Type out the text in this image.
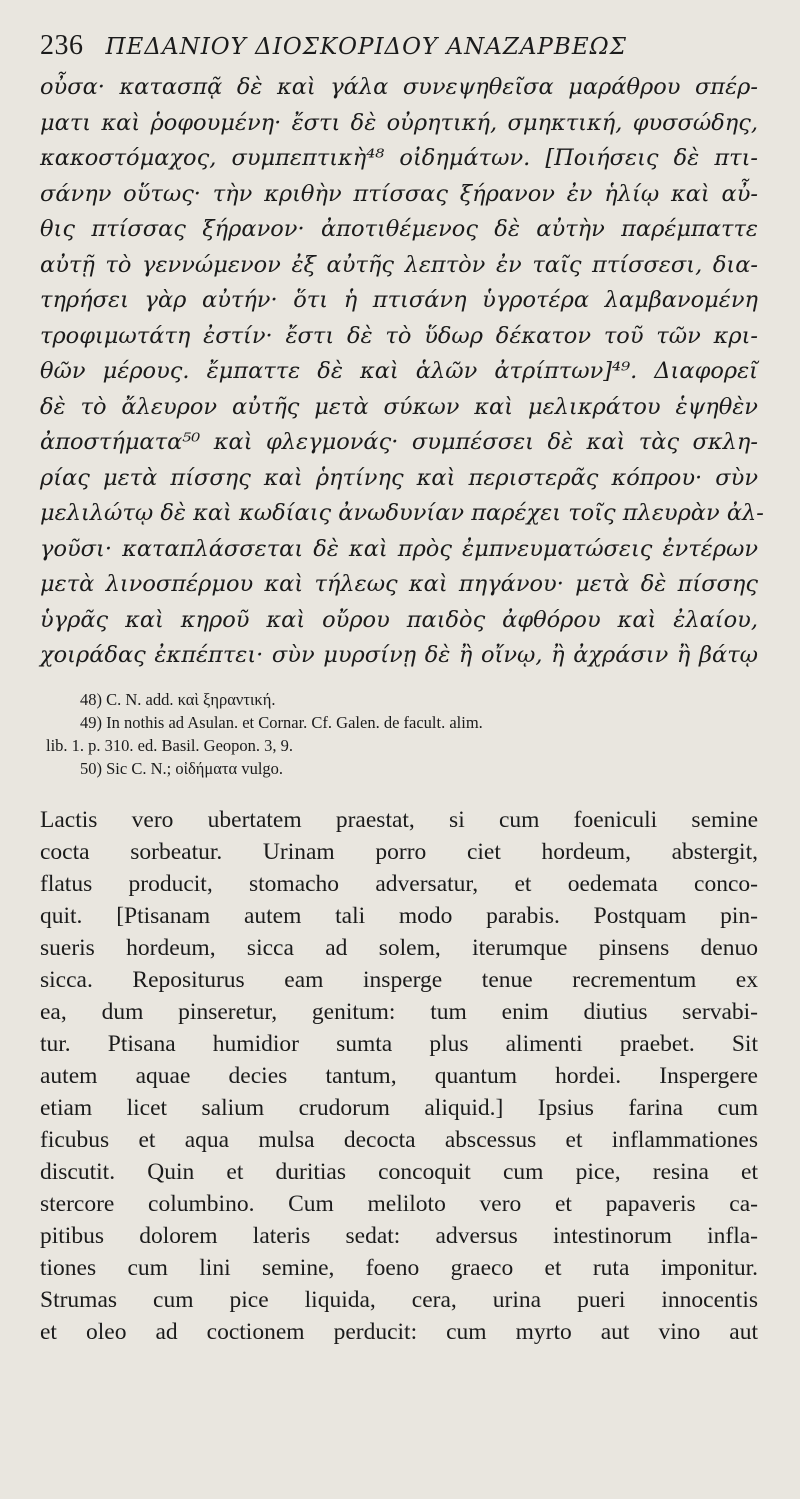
236 ΠΕΔΑΝΙΟΥ ΔΙΟΣΚΟΡΙΔΟΥ ΑΝΑΖΑΡΒΕΩΣ
οὖσα· κατασπᾷ δὲ καὶ γάλα συνεψηθεῖσα μαράθρου σπέρ-
ματι καὶ ῥοφουμένη· ἔστι δὲ οὐρητική, σμηκτική, φυσσώδης,
κακοστόμαχος, συμπεπτικὴ⁴⁸ οἰδημάτων. [Ποιήσεις δὲ πτι-
σάνην οὕτως· τὴν κριθὴν πτίσσας ξήρανον ἐν ἡλίῳ καὶ αὖ-
θις πτίσσας ξήρανον· ἀποτιθέμενος δὲ αὐτὴν παρέμπαττε
αὐτῇ τὸ γεννώμενον ἐξ αὐτῆς λεπτὸν ἐν ταῖς πτίσσεσι, δια-
τηρήσει γὰρ αὐτήν· ὅτι ἡ πτισάνη ὑγροτέρα λαμβανομένη
τροφιμωτάτη ἐστίν· ἔστι δὲ τὸ ὕδωρ δέκατον τοῦ τῶν κρι-
θῶν μέρους. ἔμπαττε δὲ καὶ ἁλῶν ἀτρίπτων]⁴⁹. Διαφορεῖ
δὲ τὸ ἄλευρον αὐτῆς μετὰ σύκων καὶ μελικράτου ἑψηθὲν
ἀποστήματα⁵⁰ καὶ φλεγμονάς· συμπέσσει δὲ καὶ τὰς σκλη-
ρίας μετὰ πίσσης καὶ ῥητίνης καὶ περιστερᾶς κόπρου· σὺν
μελιλώτῳ δὲ καὶ κωδίαις ἀνωδυνίαν παρέχει τοῖς πλευρὰν ἀλ-
γοῦσι· καταπλάσσεται δὲ καὶ πρὸς ἐμπνευματώσεις ἐντέρων
μετὰ λινοσπέρμου καὶ τήλεως καὶ πηγάνου· μετὰ δὲ πίσσης
ὑγρᾶς καὶ κηροῦ καὶ οὔρου παιδὸς ἀφθόρου καὶ ἐλαίου,
χοιράδας ἐκπέπτει· σὺν μυρσίνῃ δὲ ἢ οἴνῳ, ἢ ἀχράσιν ἢ βάτῳ
48) C. N. add. καὶ ξηραντική.
49) In nothis ad Asulan. et Cornar. Cf. Galen. de facult. alim.
lib. 1. p. 310. ed. Basil. Geopon. 3, 9.
50) Sic C. N.; οἰδήματα vulgo.
Lactis vero ubertatem praestat, si cum foeniculi semine
cocta sorbeatur. Urinam porro ciet hordeum, abstergit,
flatus producit, stomacho adversatur, et oedemata conco-
quit. [Ptisanam autem tali modo parabis. Postquam pin-
sueris hordeum, sicca ad solem, iterumque pinsens denuo
sicca. Repositurus eam insperge tenue recrementum ex
ea, dum pinseretur, genitum: tum enim diutius servabi-
tur. Ptisana humidior sumta plus alimenti praebet. Sit
autem aquae decies tantum, quantum hordei. Inspergere
etiam licet salium crudorum aliquid.] Ipsius farina cum
ficubus et aqua mulsa decocta abscessus et inflammationes
discutit. Quin et duritias concoquit cum pice, resina et
stercore columbino. Cum meliloto vero et papaveris ca-
pitibus dolorem lateris sedat: adversus intestinorum infla-
tiones cum lini semine, foeno graeco et ruta imponitur.
Strumas cum pice liquida, cera, urina pueri innocentis
et oleo ad coctionem perducit: cum myrto aut vino aut
